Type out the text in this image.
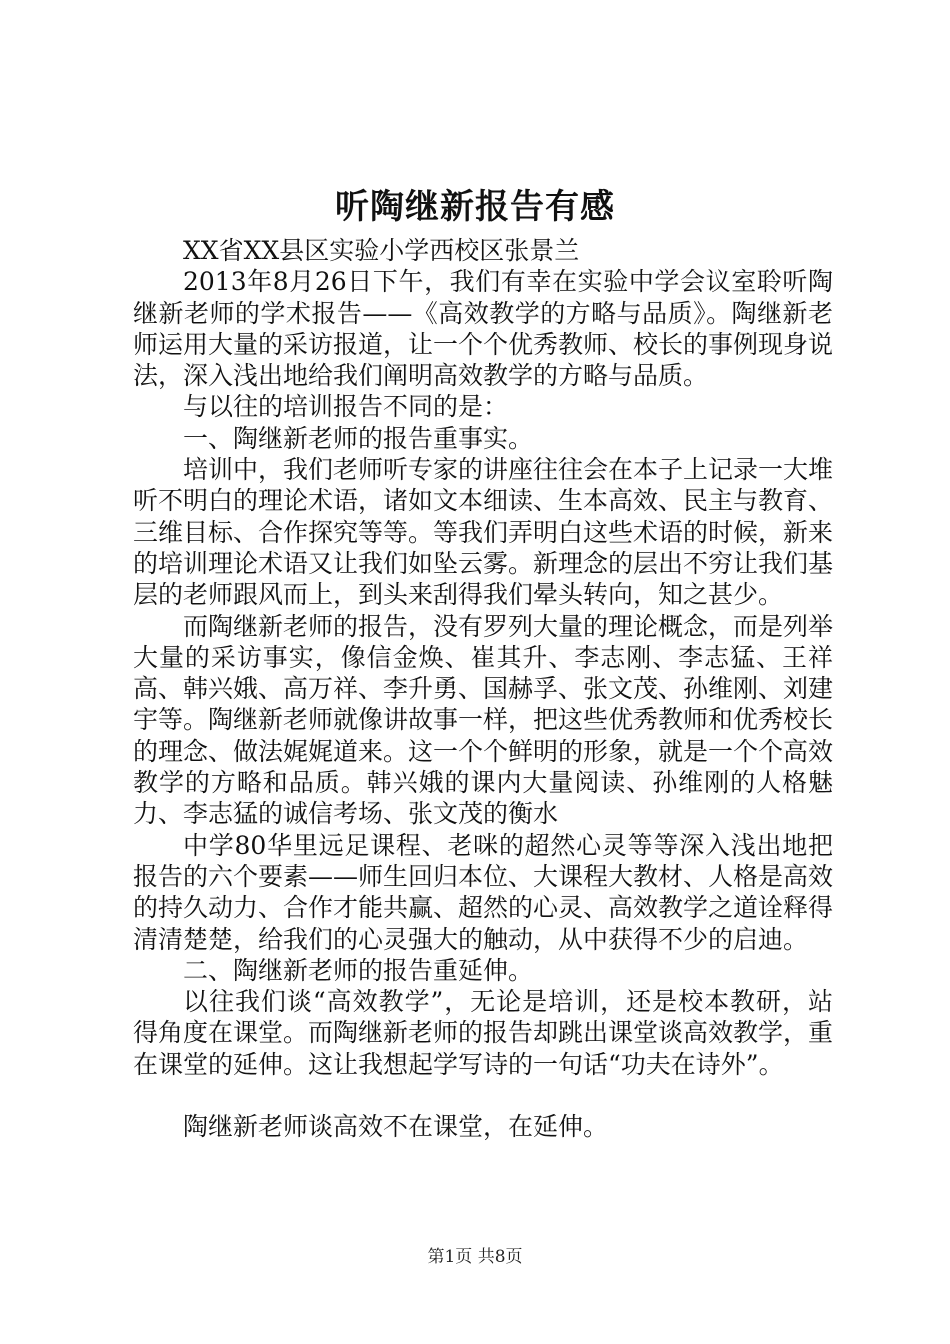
听陶继新报告有感

XX省XX县区实验小学西校区张景兰

2013年8月26日下午，我们有幸在实验中学会议室聆听陶继新老师的学术报告——《高效教学的方略与品质》。陶继新老师运用大量的采访报道，让一个个优秀教师、校长的事例现身说法，深入浅出地给我们阐明高效教学的方略与品质。

与以往的培训报告不同的是：

一、陶继新老师的报告重事实。

培训中，我们老师听专家的讲座往往会在本子上记录一大堆听不明白的理论术语，诸如文本细读、生本高效、民主与教育、三维目标、合作探究等等。等我们弄明白这些术语的时候，新来的培训理论术语又让我们如坠云雾。新理念的层出不穷让我们基层的老师跟风而上，到头来刮得我们晕头转向，知之甚少。

而陶继新老师的报告，没有罗列大量的理论概念，而是列举大量的采访事实，像信金焕、崔其升、李志刚、李志猛、王祥高、韩兴娥、高万祥、李升勇、国赫孚、张文茂、孙维刚、刘建宇等。陶继新老师就像讲故事一样，把这些优秀教师和优秀校长的理念、做法娓娓道来。这一个个鲜明的形象，就是一个个高效教学的方略和品质。韩兴娥的课内大量阅读、孙维刚的人格魅力、李志猛的诚信考场、张文茂的衡水

中学80华里远足课程、老咪的超然心灵等等深入浅出地把报告的六个要素——师生回归本位、大课程大教材、人格是高效的持久动力、合作才能共赢、超然的心灵、高效教学之道诠释得清清楚楚，给我们的心灵强大的触动，从中获得不少的启迪。

二、陶继新老师的报告重延伸。

以往我们谈“高效教学”，无论是培训，还是校本教研，站得角度在课堂。而陶继新老师的报告却跳出课堂谈高效教学，重在课堂的延伸。这让我想起学写诗的一句话“功夫在诗外”。

陶继新老师谈高效不在课堂，在延伸。

第1页 共8页
